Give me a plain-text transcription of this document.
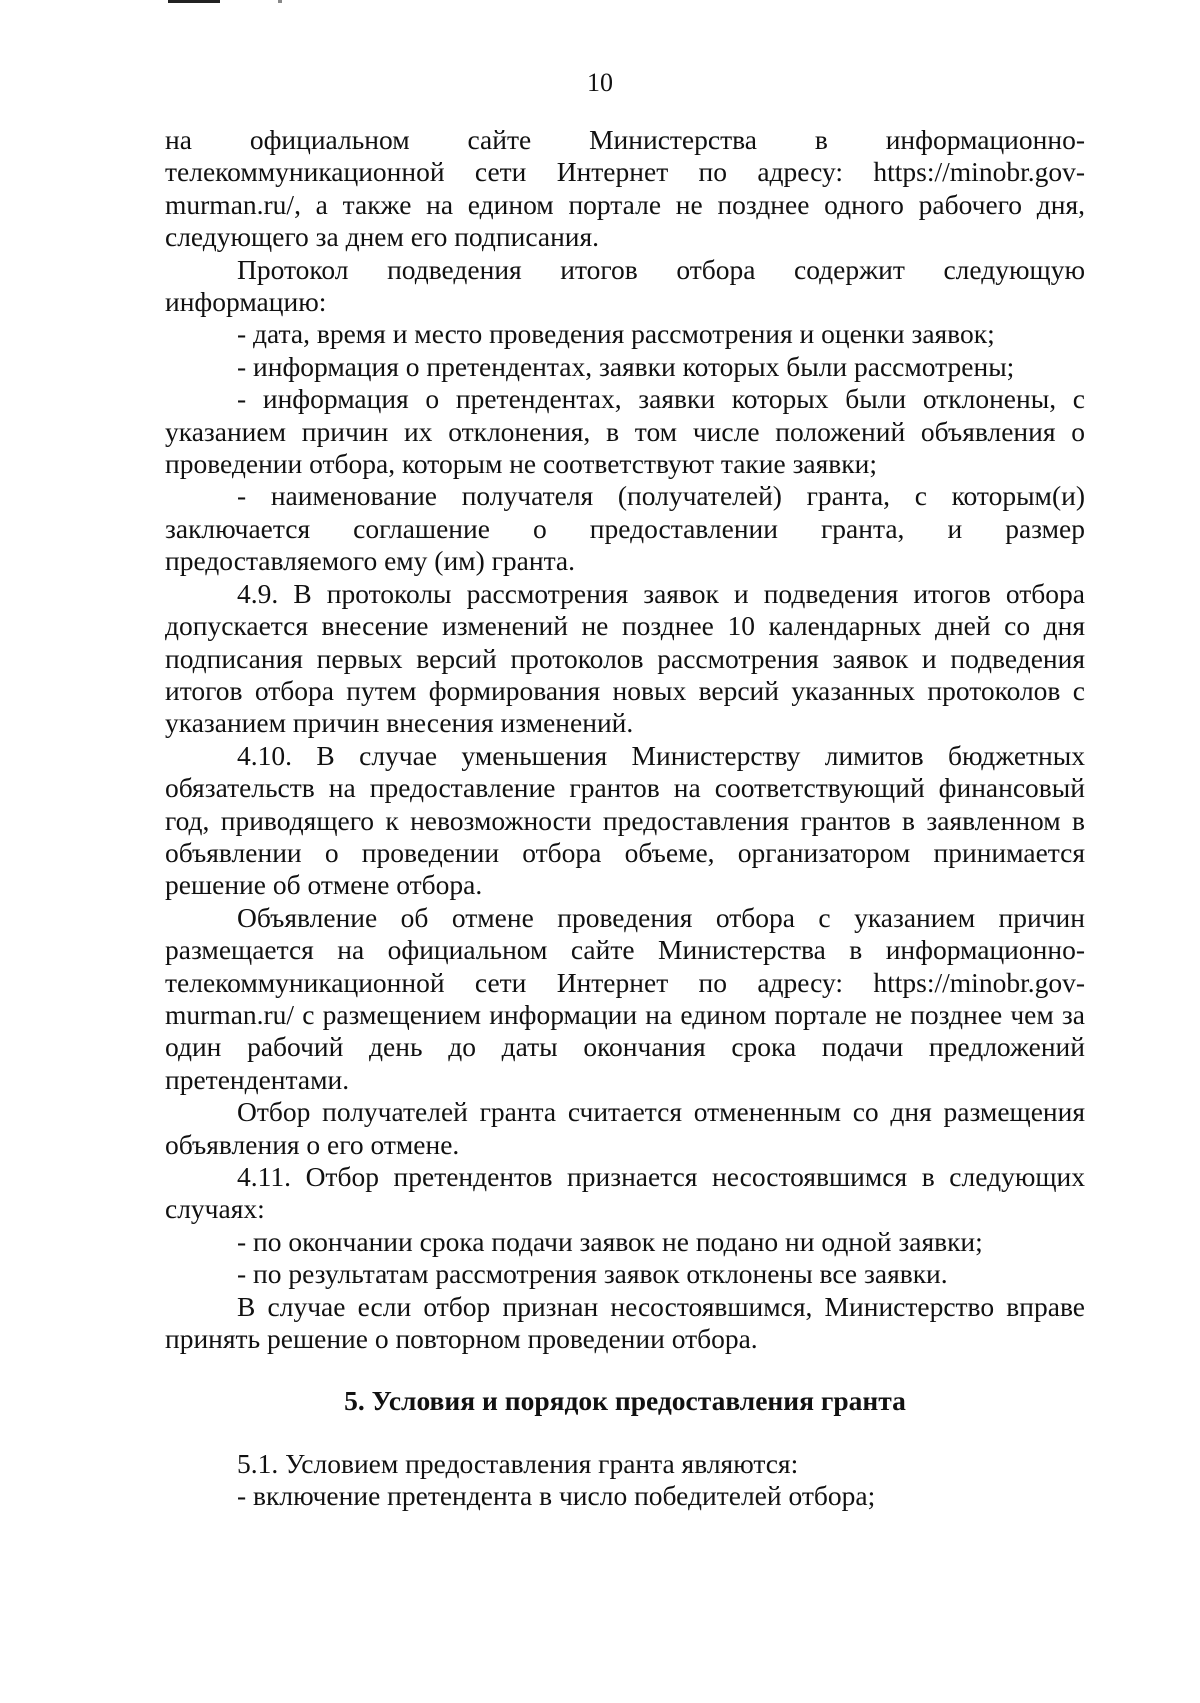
10

на официальном сайте Министерства в информационно-телекоммуникационной сети Интернет по адресу: https://minobr.gov-murman.ru/, а также на едином портале не позднее одного рабочего дня, следующего за днем его подписания.

Протокол подведения итогов отбора содержит следующую

информацию:

- дата, время и место проведения рассмотрения и оценки заявок;

- информация о претендентах, заявки которых были рассмотрены;

- информация о претендентах, заявки которых были отклонены, с указанием причин их отклонения, в том числе положений объявления о проведении отбора, которым не соответствуют такие заявки;

- наименование получателя (получателей) гранта, с которым(и)

заключается соглашение о предоставлении гранта, и размер

предоставляемого ему (им) гранта.

4.9. В протоколы рассмотрения заявок и подведения итогов отбора допускается внесение изменений не позднее 10 календарных дней со дня подписания первых версий протоколов рассмотрения заявок и подведения итогов отбора путем формирования новых версий указанных протоколов с указанием причин внесения изменений.

4.10. В случае уменьшения Министерству лимитов бюджетных обязательств на предоставление грантов на соответствующий финансовый год, приводящего к невозможности предоставления грантов в заявленном в объявлении о проведении отбора объеме, организатором принимается решение об отмене отбора.

Объявление об отмене проведения отбора с указанием причин размещается на официальном сайте Министерства в информационно-телекоммуникационной сети Интернет по адресу: https://minobr.gov-murman.ru/ с размещением информации на едином портале не позднее чем за один рабочий день до даты окончания срока подачи предложений претендентами.

Отбор получателей гранта считается отмененным со дня размещения объявления о его отмене.

4.11. Отбор претендентов признается несостоявшимся в следующих случаях:

- по окончании срока подачи заявок не подано ни одной заявки;

- по результатам рассмотрения заявок отклонены все заявки.

В случае если отбор признан несостоявшимся, Министерство вправе принять решение о повторном проведении отбора.

5. Условия и порядок предоставления гранта

5.1. Условием предоставления гранта являются:

- включение претендента в число победителей отбора;
